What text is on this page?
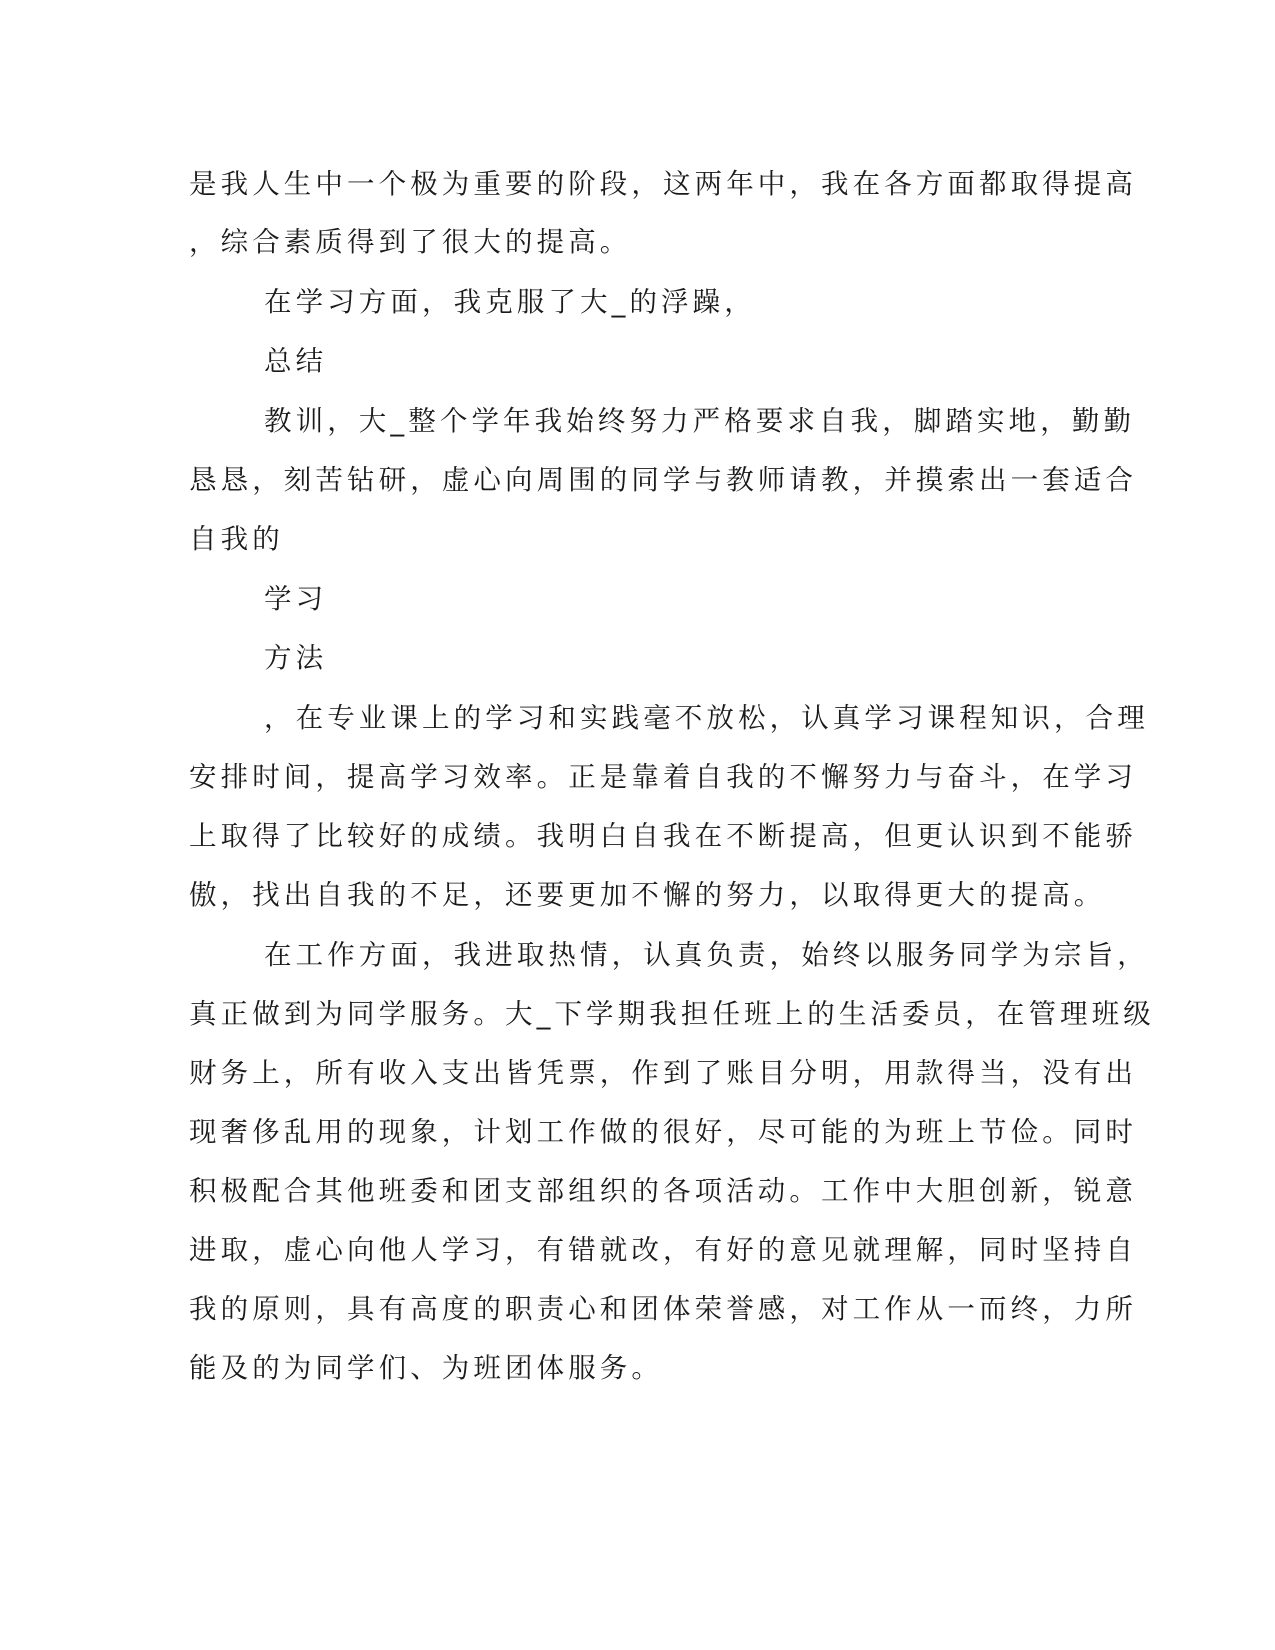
是我人生中一个极为重要的阶段，这两年中，我在各方面都取得提高
，综合素质得到了很大的提高。
在学习方面，我克服了大_的浮躁，
总结
教训，大_整个学年我始终努力严格要求自我，脚踏实地，勤勤
恳恳，刻苦钻研，虚心向周围的同学与教师请教，并摸索出一套适合
自我的
学习
方法
，在专业课上的学习和实践毫不放松，认真学习课程知识，合理
安排时间，提高学习效率。正是靠着自我的不懈努力与奋斗，在学习
上取得了比较好的成绩。我明白自我在不断提高，但更认识到不能骄
傲，找出自我的不足，还要更加不懈的努力，以取得更大的提高。
在工作方面，我进取热情，认真负责，始终以服务同学为宗旨，
真正做到为同学服务。大_下学期我担任班上的生活委员，在管理班级
财务上，所有收入支出皆凭票，作到了账目分明，用款得当，没有出
现奢侈乱用的现象，计划工作做的很好，尽可能的为班上节俭。同时
积极配合其他班委和团支部组织的各项活动。工作中大胆创新，锐意
进取，虚心向他人学习，有错就改，有好的意见就理解，同时坚持自
我的原则，具有高度的职责心和团体荣誉感，对工作从一而终，力所
能及的为同学们、为班团体服务。
